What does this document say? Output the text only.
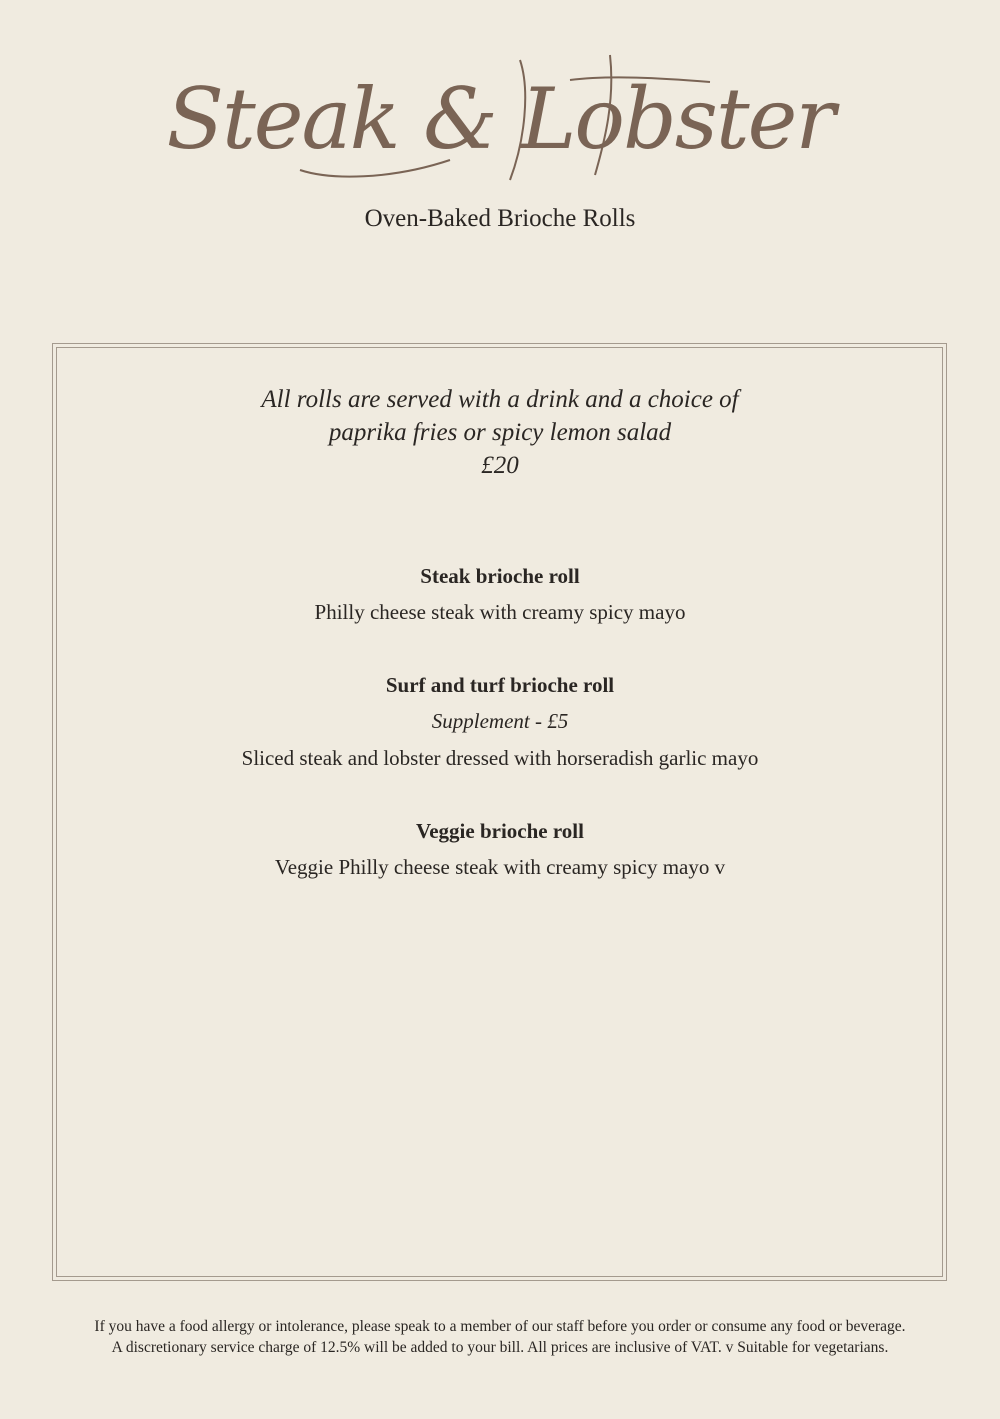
Steak & Lobster
Oven-Baked Brioche Rolls
All rolls are served with a drink and a choice of
paprika fries or spicy lemon salad
£20
Steak brioche roll
Philly cheese steak with creamy spicy mayo
Surf and turf brioche roll
Supplement - £5
Sliced steak and lobster dressed with horseradish garlic mayo
Veggie brioche roll
Veggie Philly cheese steak with creamy spicy mayo v
If you have a food allergy or intolerance, please speak to a member of our staff before you order or consume any food or beverage.
A discretionary service charge of 12.5% will be added to your bill. All prices are inclusive of VAT. v Suitable for vegetarians.
